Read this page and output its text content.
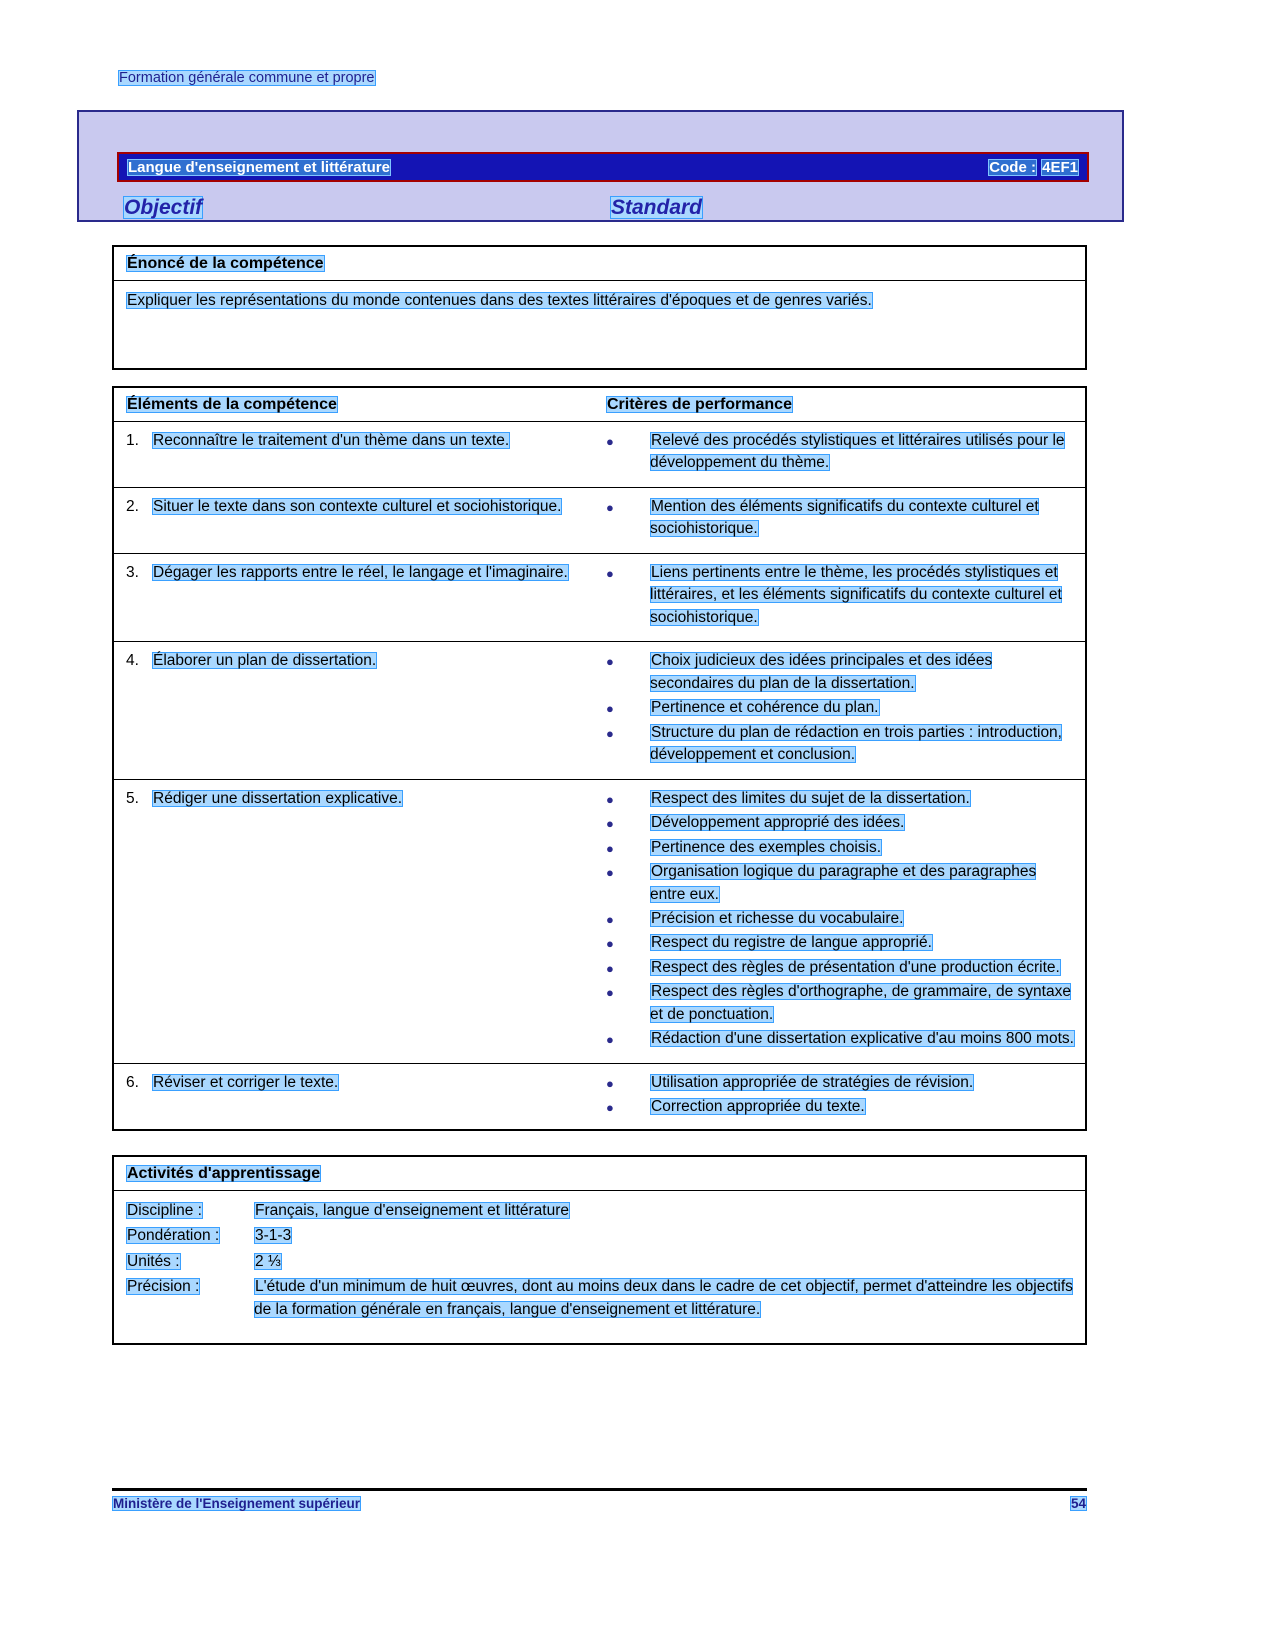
Formation générale commune et propre
Langue d'enseignement et littérature	Code : 4EF1
Objectif	Standard
Énoncé de la compétence
Expliquer les représentations du monde contenues dans des textes littéraires d'époques et de genres variés.
Éléments de la compétence	Critères de performance
1. Reconnaître le traitement d'un thème dans un texte.	●	Relevé des procédés stylistiques et littéraires utilisés pour le développement du thème.
2. Situer le texte dans son contexte culturel et sociohistorique.	●	Mention des éléments significatifs du contexte culturel et sociohistorique.
3. Dégager les rapports entre le réel, le langage et l'imaginaire.	●	Liens pertinents entre le thème, les procédés stylistiques et littéraires, et les éléments significatifs du contexte culturel et sociohistorique.
4. Élaborer un plan de dissertation.	●	Choix judicieux des idées principales et des idées secondaires du plan de la dissertation.
●	Pertinence et cohérence du plan.
●	Structure du plan de rédaction en trois parties : introduction, développement et conclusion.
5. Rédiger une dissertation explicative.	●	Respect des limites du sujet de la dissertation.
●	Développement approprié des idées.
●	Pertinence des exemples choisis.
●	Organisation logique du paragraphe et des paragraphes entre eux.
●	Précision et richesse du vocabulaire.
●	Respect du registre de langue approprié.
●	Respect des règles de présentation d'une production écrite.
●	Respect des règles d'orthographe, de grammaire, de syntaxe et de ponctuation.
●	Rédaction d'une dissertation explicative d'au moins 800 mots.
6. Réviser et corriger le texte.	●	Utilisation appropriée de stratégies de révision.
●	Correction appropriée du texte.
Activités d'apprentissage
Discipline :	Français, langue d'enseignement et littérature
Pondération :	3-1-3
Unités :	2 ⅓
Précision :	L'étude d'un minimum de huit œuvres, dont au moins deux dans le cadre de cet objectif, permet d'atteindre les objectifs de la formation générale en français, langue d'enseignement et littérature.
Ministère de l'Enseignement supérieur	54
